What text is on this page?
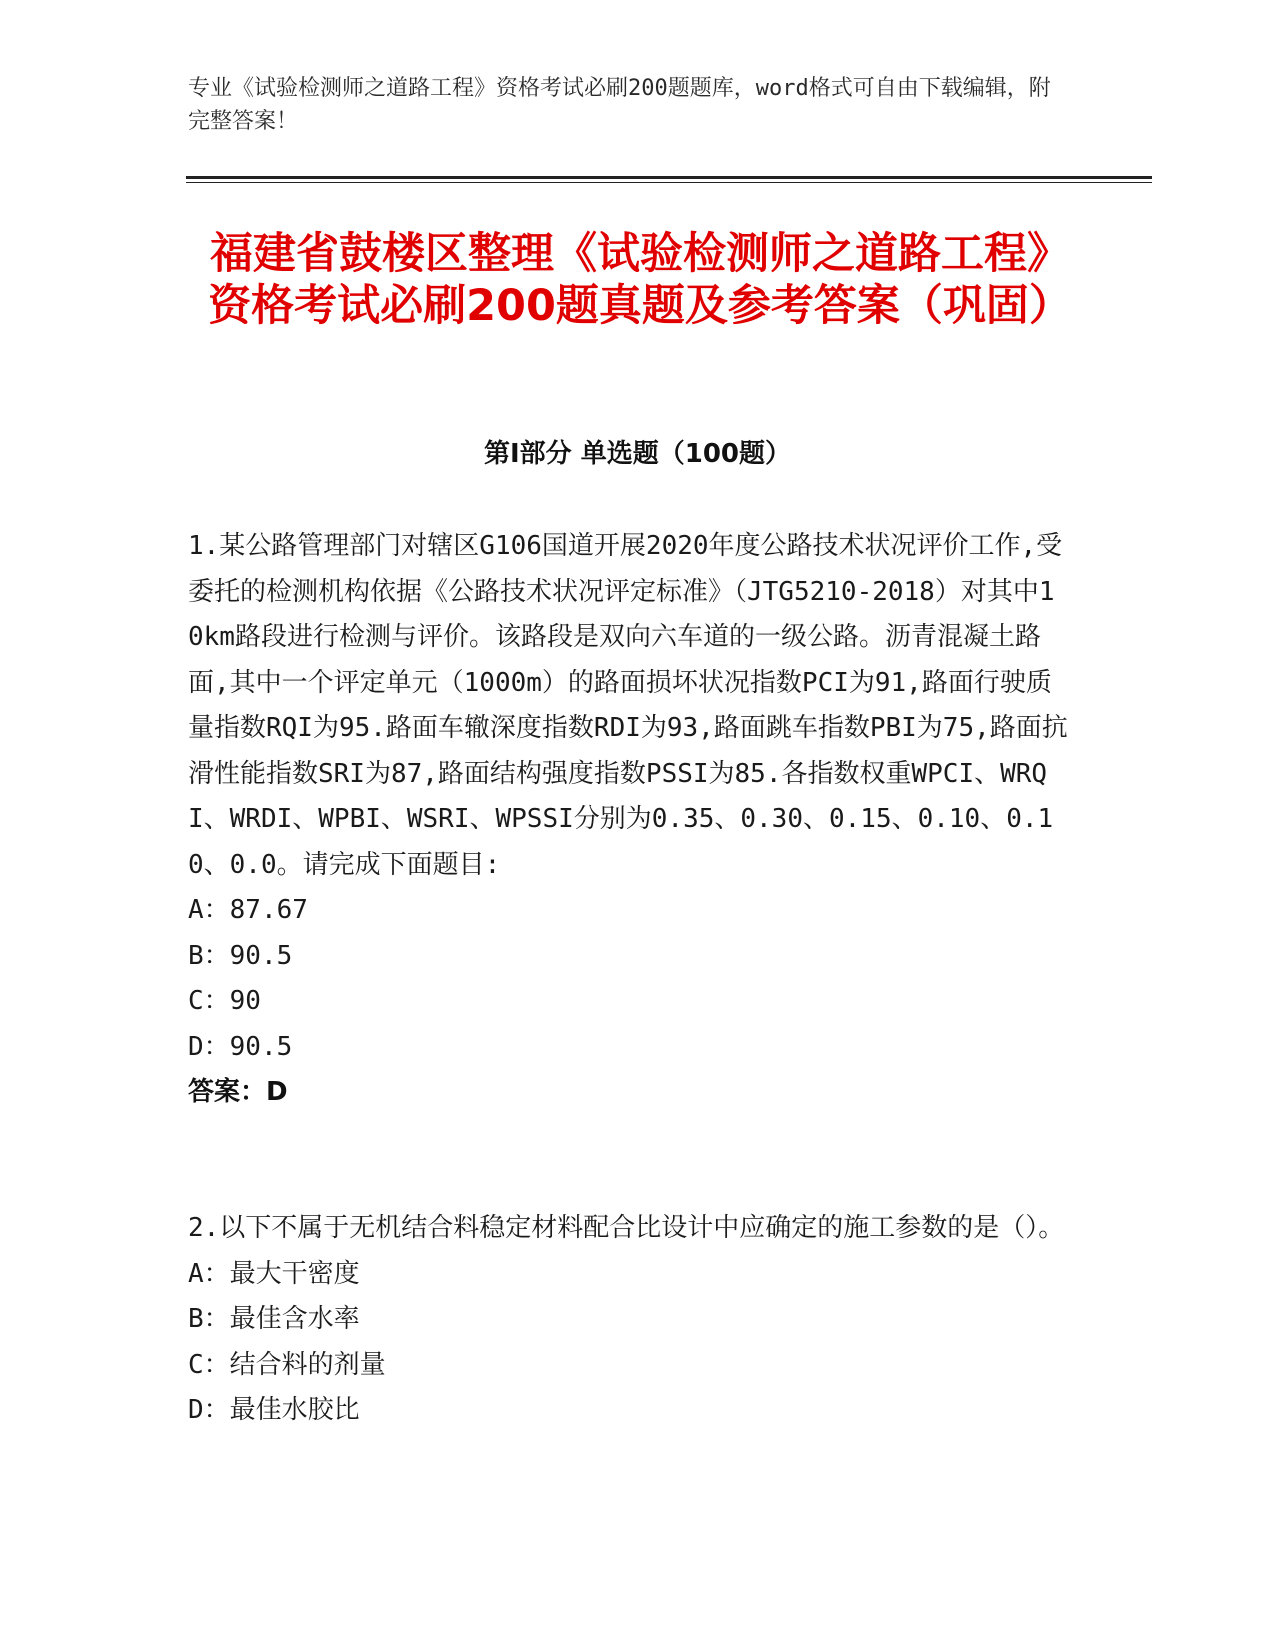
专业《试验检测师之道路工程》资格考试必刷200题题库，word格式可自由下载编辑，附完整答案！
福建省鼓楼区整理《试验检测师之道路工程》资格考试必刷200题真题及参考答案（巩固）
第I部分 单选题（100题）
1.某公路管理部门对辖区G106国道开展2020年度公路技术状况评价工作,受委托的检测机构依据《公路技术状况评定标准》（JTG5210-2018）对其中10km路段进行检测与评价。该路段是双向六车道的一级公路。沥青混凝土路面,其中一个评定单元（1000m）的路面损坏状况指数PCI为91,路面行驶质量指数RQI为95.路面车辙深度指数RDI为93,路面跳车指数PBI为75,路面抗滑性能指数SRI为87,路面结构强度指数PSSI为85.各指数权重WPCI、WRQI、WRDI、WPBI、WSRI、WPSSI分别为0.35、0.30、0.15、0.10、0.10、0.0。请完成下面题目:
A：87.67
B：90.5
C：90
D：90.5
答案：D
2.以下不属于无机结合料稳定材料配合比设计中应确定的施工参数的是（）。
A：最大干密度
B：最佳含水率
C：结合料的剂量
D：最佳水胶比
